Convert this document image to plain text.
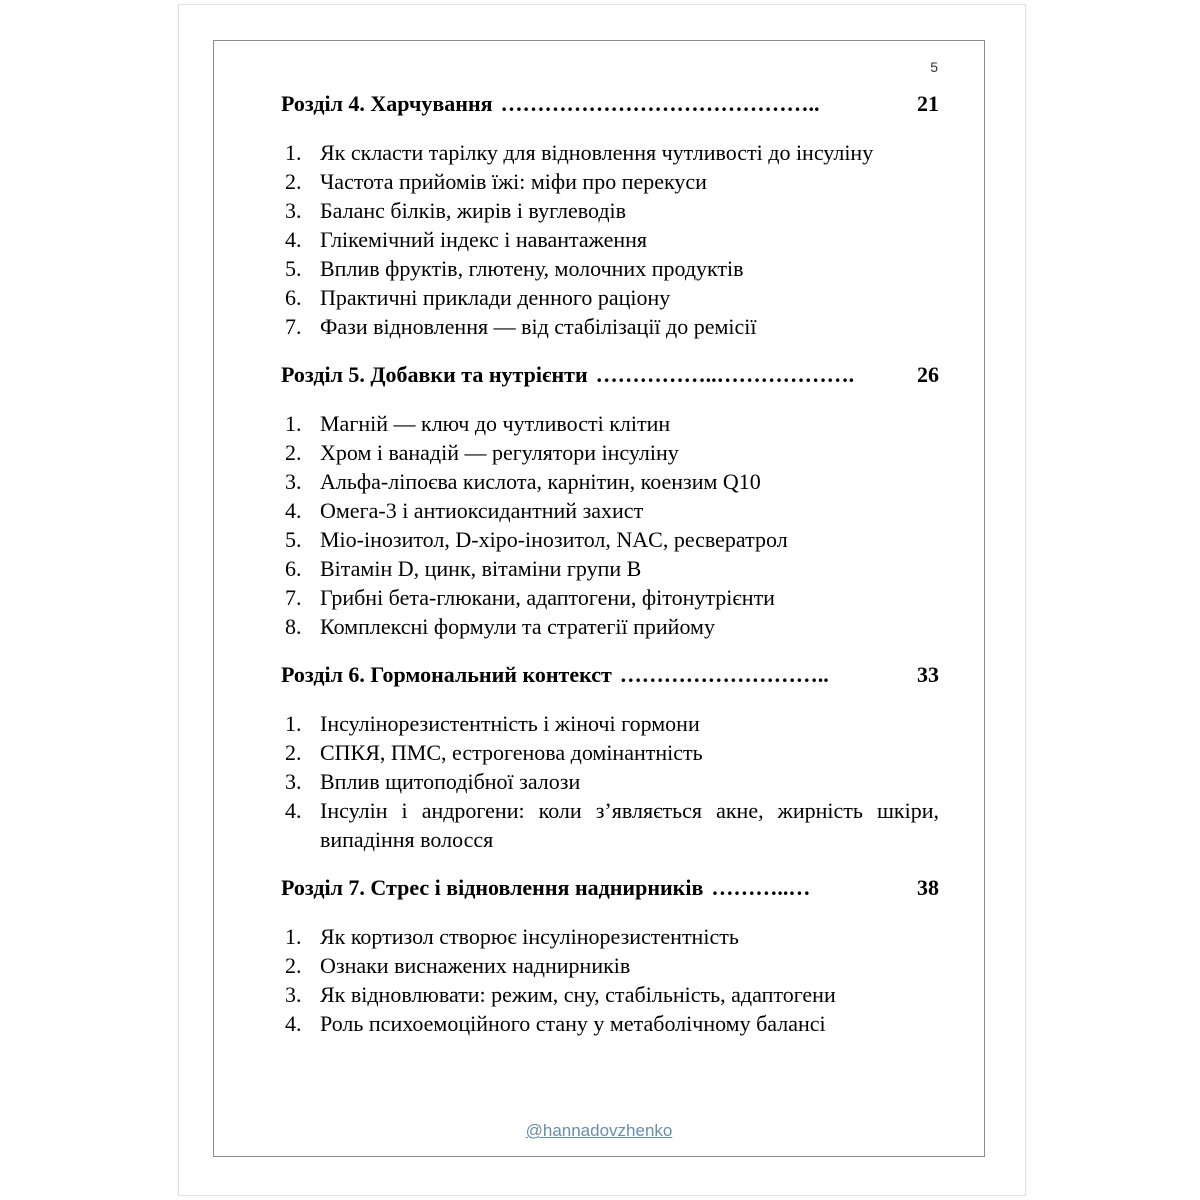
5
Розділ 4. Харчування ……………………………………..	21
1. Як скласти тарілку для відновлення чутливості до інсуліну
2. Частота прийомів їжі: міфи про перекуси
3. Баланс білків, жирів і вуглеводів
4. Глікемічний індекс і навантаження
5. Вплив фруктів, глютену, молочних продуктів
6. Практичні приклади денного раціону
7. Фази відновлення — від стабілізації до ремісії
Розділ 5. Добавки та нутрієнти ……………..……………….	26
1. Магній — ключ до чутливості клітин
2. Хром і ванадій — регулятори інсуліну
3. Альфа-ліпоєва кислота, карнітин, коензим Q10
4. Омега-3 і антиоксидантний захист
5. Міо-інозитол, D-хіро-інозитол, NAC, ресвератрол
6. Вітамін D, цинк, вітаміни групи В
7. Грибні бета-глюкани, адаптогени, фітонутрієнти
8. Комплексні формули та стратегії прийому
Розділ 6. Гормональний контекст ………………………..	33
1. Інсулінорезистентність і жіночі гормони
2. СПКЯ, ПМС, естрогенова домінантність
3. Вплив щитоподібної залози
4. Інсулін і андрогени: коли з’являється акне, жирність шкіри, випадіння волосся
Розділ 7. Стрес і відновлення наднирників ………..…	38
1. Як кортизол створює інсулінорезистентність
2. Ознаки виснажених наднирників
3. Як відновлювати: режим, сну, стабільність, адаптогени
4. Роль психоемоційного стану у метаболічному балансі
@hannadovzhenko
